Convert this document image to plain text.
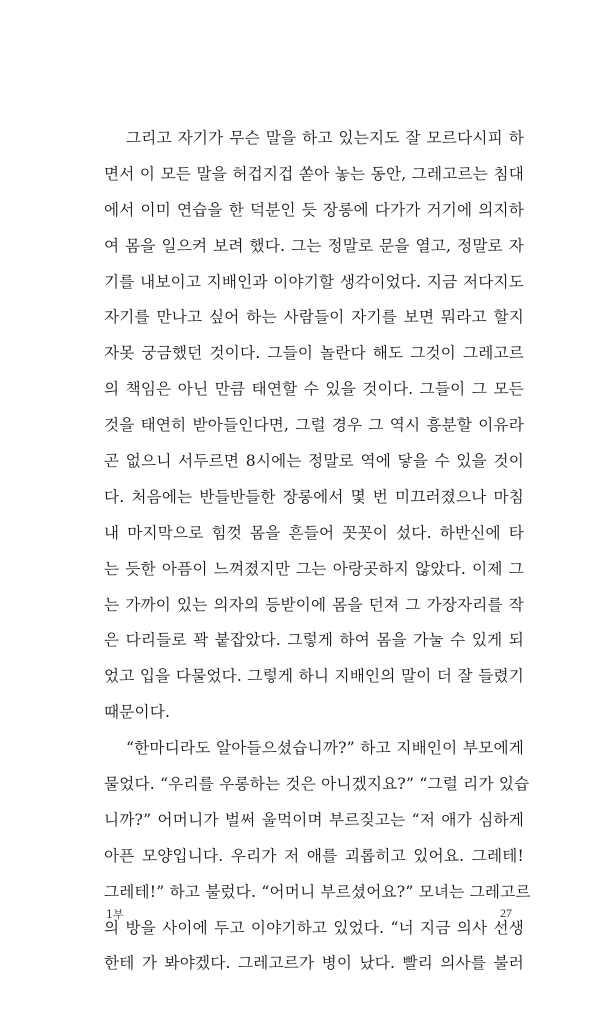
그리고 자기가 무슨 말을 하고 있는지도 잘 모르다시피 하
면서 이 모든 말을 허겁지겁 쏟아 놓는 동안, 그레고르는 침대
에서 이미 연습을 한 덕분인 듯 장롱에 다가가 거기에 의지하
여 몸을 일으켜 보려 했다. 그는 정말로 문을 열고, 정말로 자
기를 내보이고 지배인과 이야기할 생각이었다. 지금 저다지도
자기를 만나고 싶어 하는 사람들이 자기를 보면 뭐라고 할지
자못 궁금했던 것이다. 그들이 놀란다 해도 그것이 그레고르
의 책임은 아닌 만큼 태연할 수 있을 것이다. 그들이 그 모든
것을 태연히 받아들인다면, 그럴 경우 그 역시 흥분할 이유라
곤 없으니 서두르면 8시에는 정말로 역에 닿을 수 있을 것이
다. 처음에는 반들반들한 장롱에서 몇 번 미끄러졌으나 마침
내 마지막으로 힘껏 몸을 흔들어 꼿꼿이 섰다. 하반신에 타
는 듯한 아픔이 느껴졌지만 그는 아랑곳하지 않았다. 이제 그
는 가까이 있는 의자의 등받이에 몸을 던져 그 가장자리를 작
은 다리들로 꽉 붙잡았다. 그렇게 하여 몸을 가눌 수 있게 되
었고 입을 다물었다. 그렇게 하니 지배인의 말이 더 잘 들렸기
때문이다.
“한마디라도 알아들으셨습니까?” 하고 지배인이 부모에게
물었다. “우리를 우롱하는 것은 아니겠지요?” “그럴 리가 있습
니까?” 어머니가 벌써 울먹이며 부르짖고는 “저 애가 심하게
아픈 모양입니다. 우리가 저 애를 괴롭히고 있어요. 그레테!
그레테!” 하고 불렀다. “어머니 부르셨어요?” 모녀는 그레고르
의 방을 사이에 두고 이야기하고 있었다. “너 지금 의사 선생
한테 가 봐야겠다. 그레고르가 병이 났다. 빨리 의사를 불러
1부	27
